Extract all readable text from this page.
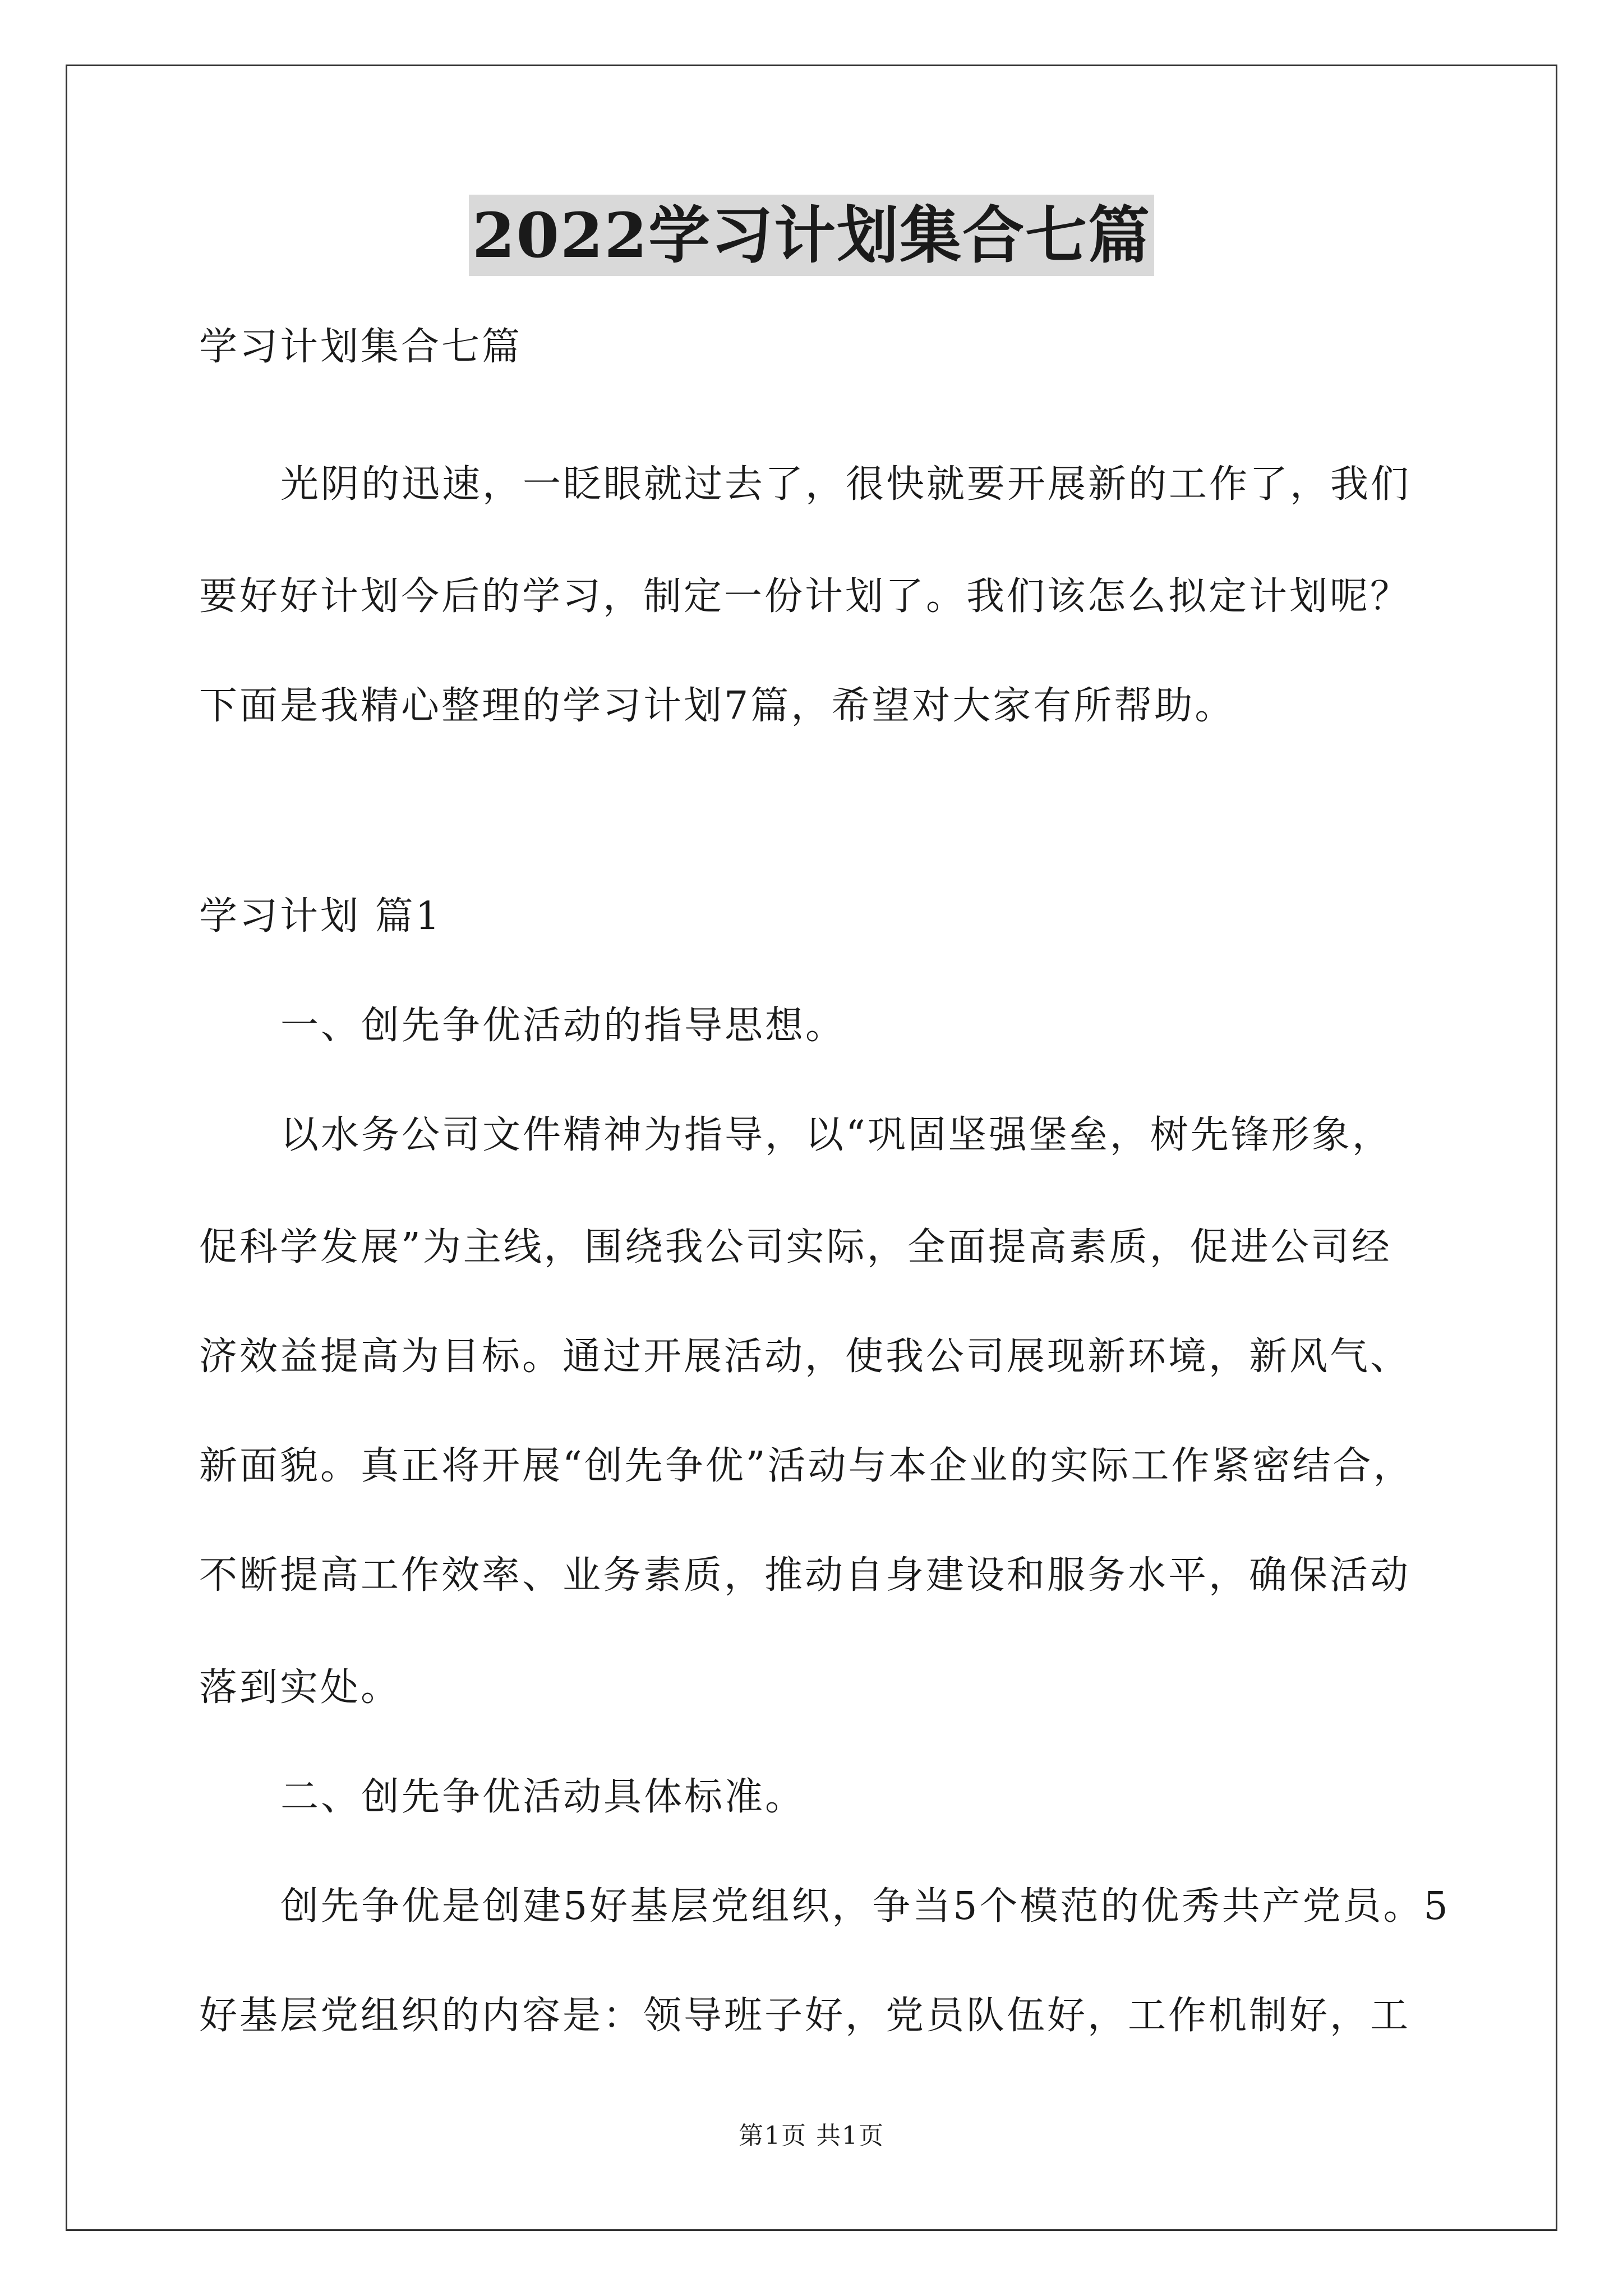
2022学习计划集合七篇
学习计划集合七篇
光阴的迅速，一眨眼就过去了，很快就要开展新的工作了，我们
要好好计划今后的学习，制定一份计划了。我们该怎么拟定计划呢？
下面是我精心整理的学习计划7篇，希望对大家有所帮助。
学习计划 篇1
一、创先争优活动的指导思想。
以水务公司文件精神为指导，以“巩固坚强堡垒，树先锋形象，
促科学发展”为主线，围绕我公司实际，全面提高素质，促进公司经
济效益提高为目标。通过开展活动，使我公司展现新环境，新风气、
新面貌。真正将开展“创先争优”活动与本企业的实际工作紧密结合，
不断提高工作效率、业务素质，推动自身建设和服务水平，确保活动
落到实处。
二、创先争优活动具体标准。
创先争优是创建5好基层党组织，争当5个模范的优秀共产党员。5
好基层党组织的内容是：领导班子好，党员队伍好，工作机制好，工
第1页 共1页
